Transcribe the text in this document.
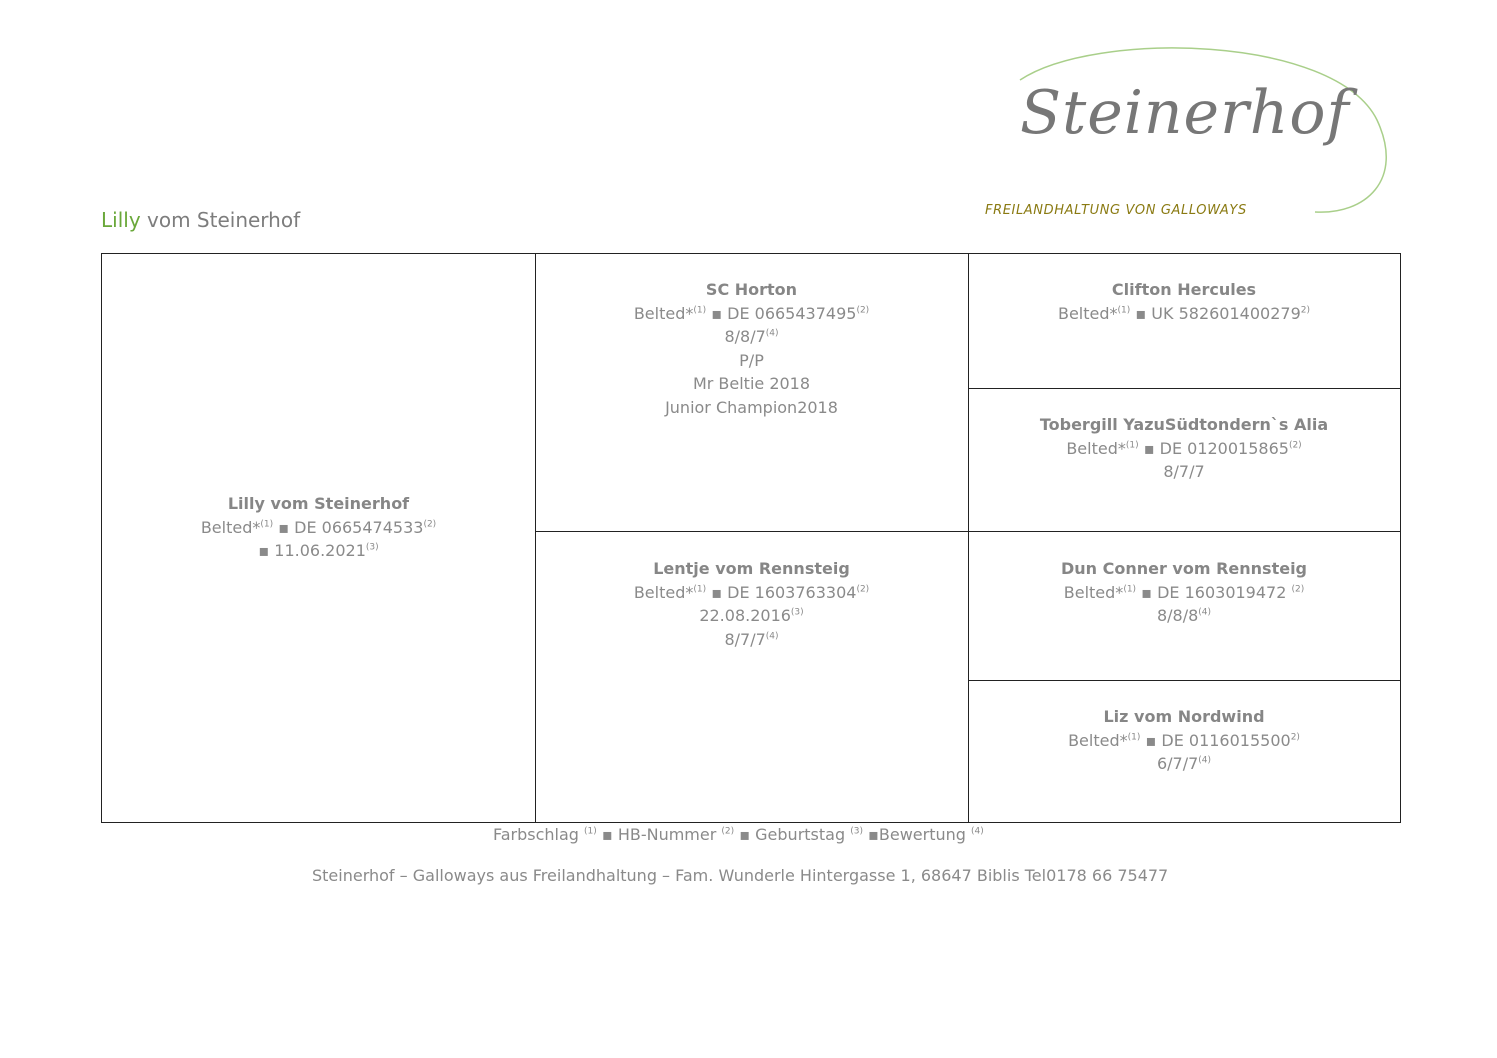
Steinerhof
FREILANDHALTUNG VON GALLOWAYS
Lilly vom Steinerhof
Lilly vom Steinerhof
Belted*$^{(1)}$ ▪ DE 0665474533$^{(2)}$
▪ 11.06.2021$^{(3)}$
SC Horton
Belted*$^{(1)}$ ▪ DE 0665437495$^{(2)}$
8/8/7$^{(4)}$
P/P
Mr Beltie 2018
Junior Champion2018
Lentje vom Rennsteig
Belted*$^{(1)}$ ▪ DE 1603763304$^{(2)}$
22.08.2016$^{(3)}$
8/7/7$^{(4)}$
Clifton Hercules
Belted*$^{(1)}$ ▪ UK 582601400279$^{2)}$
Tobergill YazuSüdtondern`s Alia
Belted*$^{(1)}$ ▪ DE 0120015865$^{(2)}$
8/7/7
Dun Conner vom Rennsteig
Belted*$^{(1)}$ ▪ DE 1603019472 $^{(2)}$
8/8/8$^{(4)}$
Liz vom Nordwind
Belted*$^{(1)}$ ▪ DE 0116015500$^{2)}$
6/7/7$^{(4)}$
Farbschlag $^{(1)}$ ▪ HB-Nummer $^{(2)}$ ▪ Geburtstag $^{(3)}$ ▪Bewertung $^{(4)}$
Steinerhof – Galloways aus Freilandhaltung – Fam. Wunderle Hintergasse 1, 68647 Biblis Tel0178 66 75477
